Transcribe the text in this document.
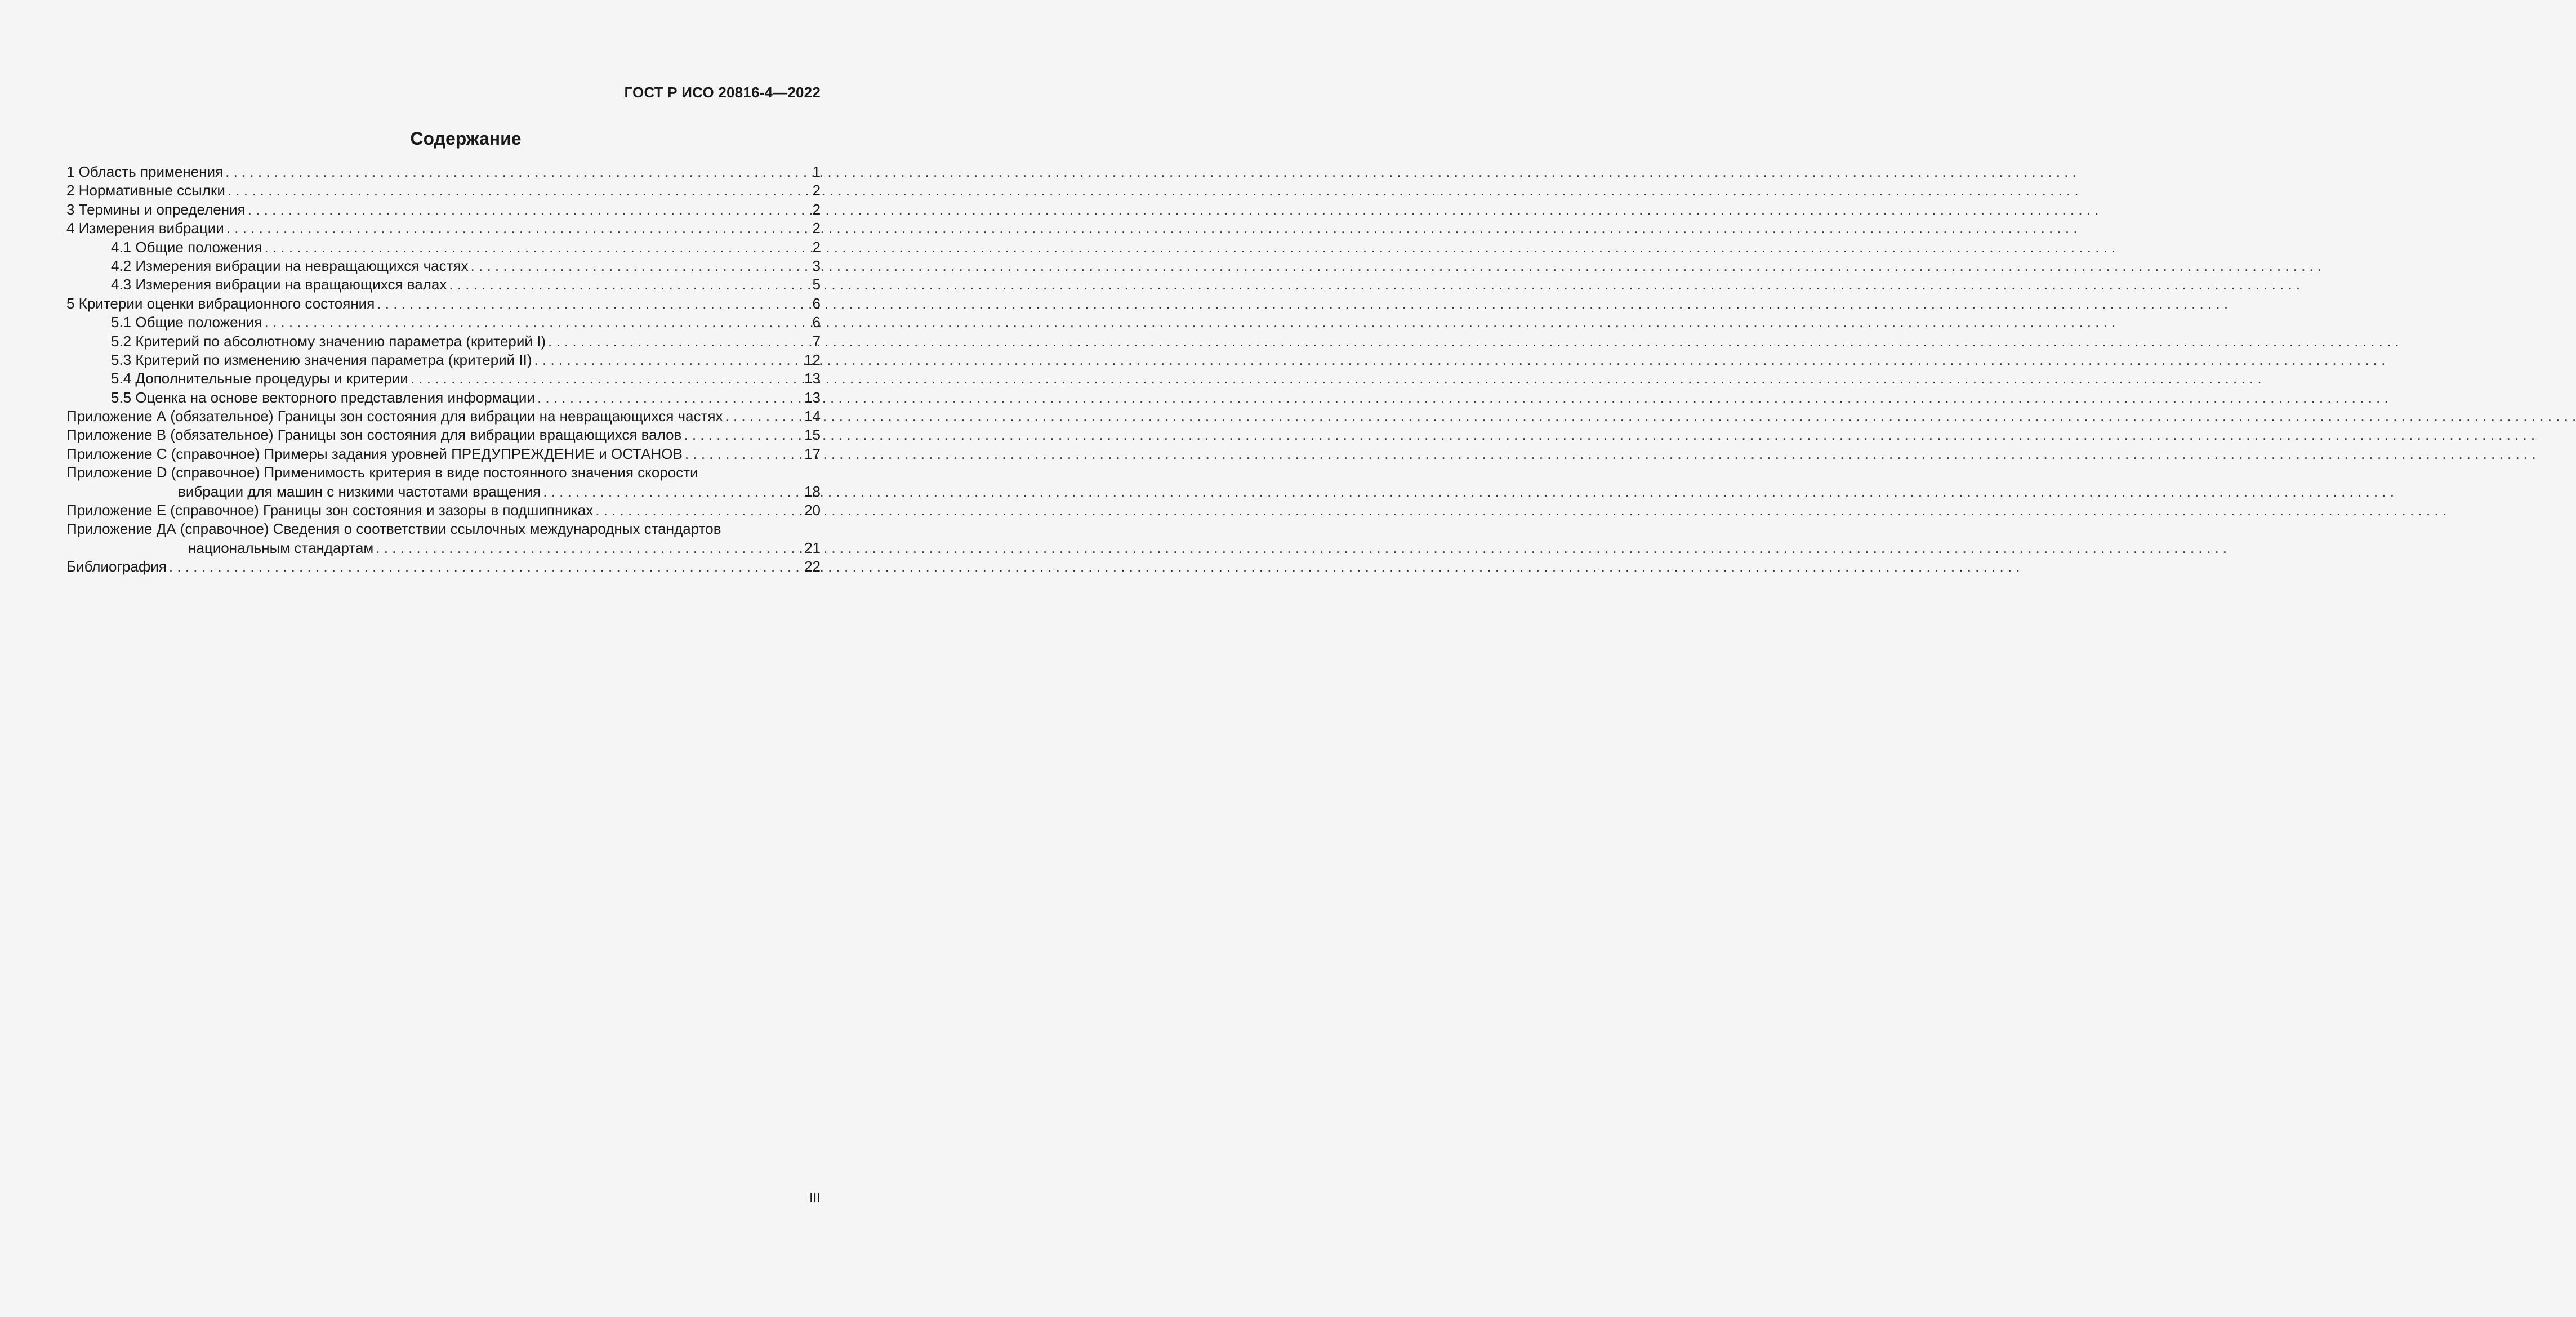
ГОСТ Р ИСО 20816-4—2022
Содержание
1 Область применения . . .	1
2 Нормативные ссылки . . .	2
3 Термины и определения . . .	2
4 Измерения вибрации . . .	2
4.1 Общие положения . . .	2
4.2 Измерения вибрации на невращающихся частях . . .	3
4.3 Измерения вибрации на вращающихся валах . . .	5
5 Критерии оценки вибрационного состояния . . .	6
5.1 Общие положения . . .	6
5.2 Критерий по абсолютному значению параметра (критерий I) . . .	7
5.3 Критерий по изменению значения параметра (критерий II) . . .	12
5.4 Дополнительные процедуры и критерии . . .	13
5.5 Оценка на основе векторного представления информации . . .	13
Приложение А (обязательное) Границы зон состояния для вибрации на невращающихся частях . . .	14
Приложение В (обязательное) Границы зон состояния для вибрации вращающихся валов . . .	15
Приложение С (справочное) Примеры задания уровней ПРЕДУПРЕЖДЕНИЕ и ОСТАНОВ . . .	17
Приложение D (справочное) Применимость критерия в виде постоянного значения скорости
вибрации для машин с низкими частотами вращения . . .	18
Приложение Е (справочное) Границы зон состояния и зазоры в подшипниках . . .	20
Приложение ДА (справочное) Сведения о соответствии ссылочных международных стандартов
национальным стандартам . . .	21
Библиография . . .	22
III
